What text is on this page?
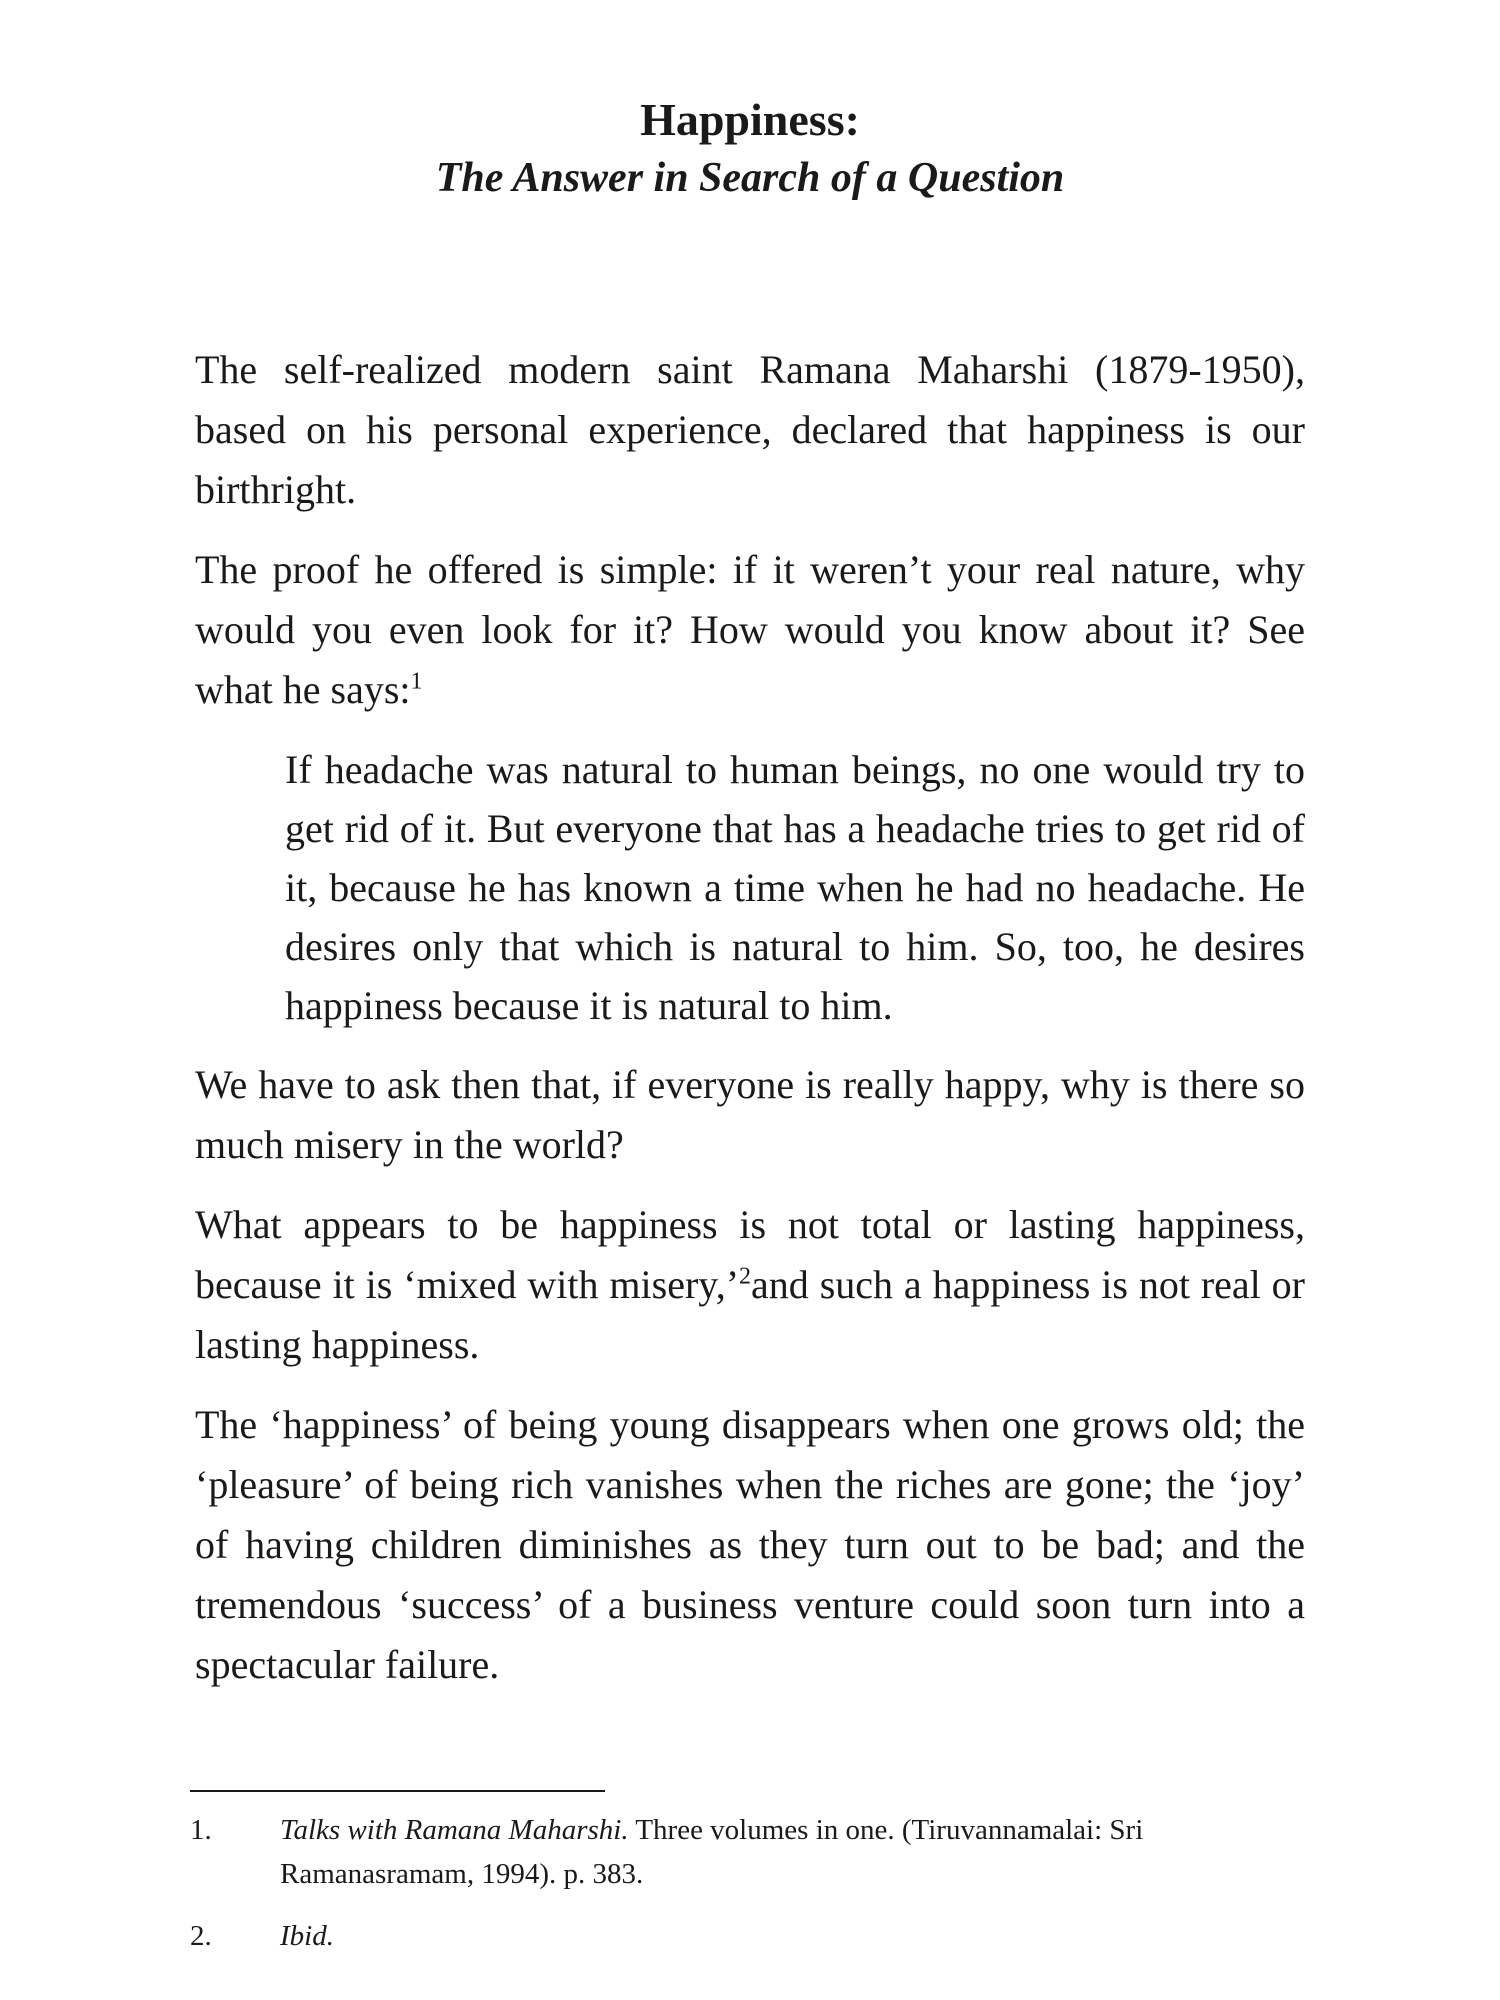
Happiness:
The Answer in Search of a Question

The self-realized modern saint Ramana Maharshi (1879-1950), based on his personal experience, declared that happiness is our birthright.

The proof he offered is simple: if it weren’t your real nature, why would you even look for it? How would you know about it? See what he says:$^1$

If headache was natural to human beings, no one would try to get rid of it. But everyone that has a headache tries to get rid of it, because he has known a time when he had no headache. He desires only that which is natural to him. So, too, he desires happiness because it is natural to him.

We have to ask then that, if everyone is really happy, why is there so much misery in the world?

What appears to be happiness is not total or lasting happiness, because it is ‘mixed with misery,’$^2$and such a happiness is not real or lasting happiness.

The ‘happiness’ of being young disappears when one grows old; the ‘pleasure’ of being rich vanishes when the riches are gone; the ‘joy’ of having children diminishes as they turn out to be bad; and the tremendous ‘success’ of a business venture could soon turn into a spectacular failure.

1.	Talks with Ramana Maharshi. Three volumes in one. (Tiruvannamalai: Sri Ramanasramam, 1994). p. 383.
2.	Ibid.
